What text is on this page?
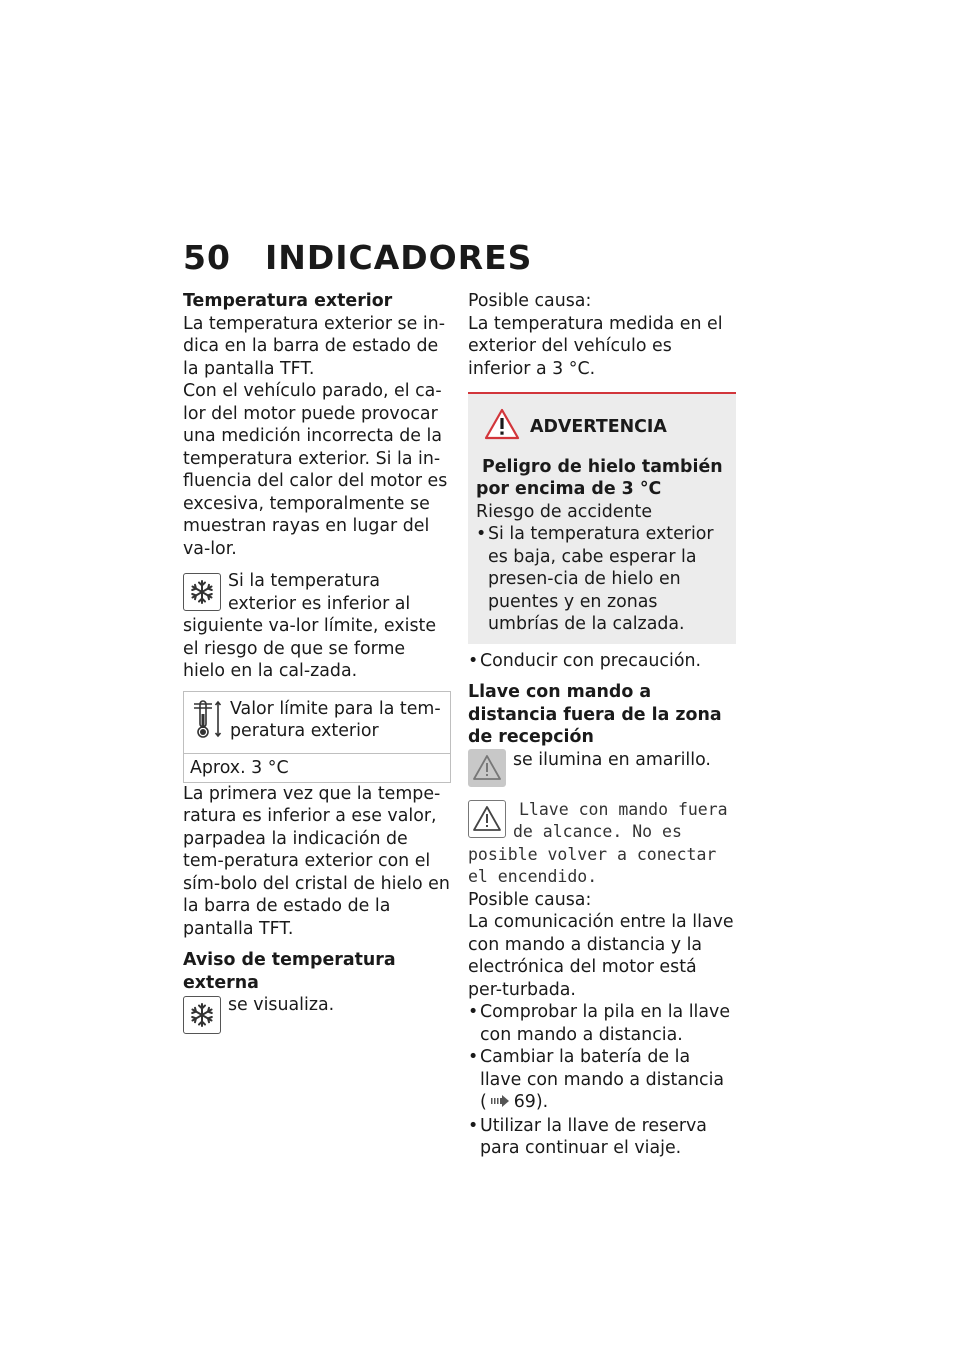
50 INDICADORES

Temperatura exterior

La temperatura exterior se in-dica en la barra de estado de la pantalla TFT.

Con el vehículo parado, el ca-lor del motor puede provocar una medición incorrecta de la temperatura exterior. Si la in-fluencia del calor del motor es excesiva, temporalmente se muestran rayas en lugar del va-lor.

Si la temperatura exterior es inferior al siguiente va-lor límite, existe el riesgo de que se forme hielo en la cal-zada.

Valor límite para la tem-peratura exterior
Aprox. 3 °C

La primera vez que la tempe-ratura es inferior a ese valor, parpadea la indicación de tem-peratura exterior con el sím-bolo del cristal de hielo en la barra de estado de la pantalla TFT.

Aviso de temperatura externa

se visualiza.

Posible causa:

La temperatura medida en el exterior del vehículo es inferior a 3 °C.

ADVERTENCIA

Peligro de hielo también por encima de 3 °C

Riesgo de accidente

• Si la temperatura exterior es baja, cabe esperar la presen-cia de hielo en puentes y en zonas umbrías de la calzada.
• Conducir con precaución.

Llave con mando a distancia fuera de la zona de recepción

se ilumina en amarillo.

Llave con mando fuera de alcance. No es posible volver a conectar el encendido.

Posible causa:

La comunicación entre la llave con mando a distancia y la electrónica del motor está per-turbada.

• Comprobar la pila en la llave con mando a distancia.
• Cambiar la batería de la llave con mando a distancia
( 69).
• Utilizar la llave de reserva para continuar el viaje.
